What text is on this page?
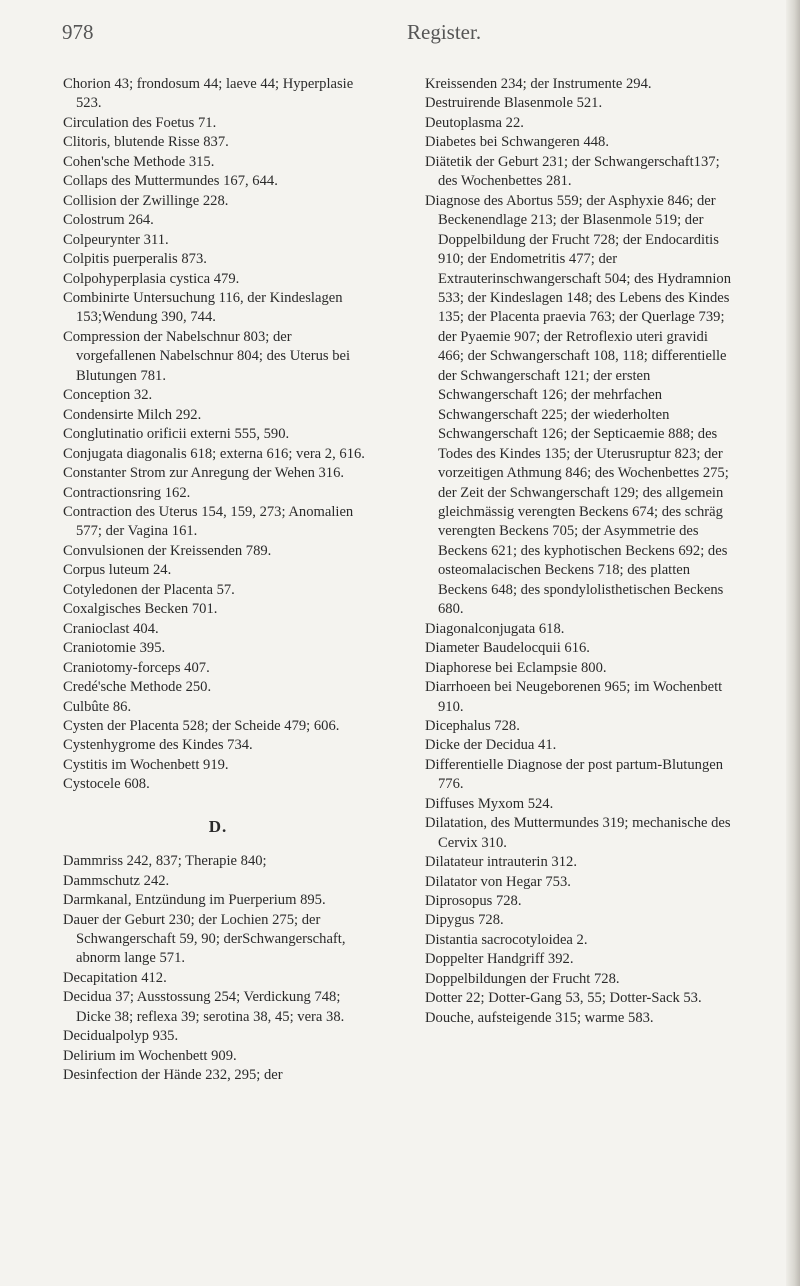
978	Register.

Chorion 43; frondosum 44; laeve 44; Hyperplasie 523.

Circulation des Foetus 71.

Clitoris, blutende Risse 837.

Cohen'sche Methode 315.

Collaps des Muttermundes 167, 644.

Collision der Zwillinge 228.

Colostrum 264.

Colpeurynter 311.

Colpitis puerperalis 873.

Colpohyperplasia cystica 479.

Combinirte Untersuchung 116, der Kindeslagen 153;Wendung 390, 744.

Compression der Nabelschnur 803; der vorgefallenen Nabelschnur 804; des Uterus bei Blutungen 781.

Conception 32.

Condensirte Milch 292.

Conglutinatio orificii externi 555, 590.

Conjugata diagonalis 618; externa 616; vera 2, 616.

Constanter Strom zur Anregung der Wehen 316.

Contractionsring 162.

Contraction des Uterus 154, 159, 273; Anomalien 577; der Vagina 161.

Convulsionen der Kreissenden 789.

Corpus luteum 24.

Cotyledonen der Placenta 57.

Coxalgisches Becken 701.

Cranioclast 404.

Craniotomie 395.

Craniotomy-forceps 407.

Credé'sche Methode 250.

Culbûte 86.

Cysten der Placenta 528; der Scheide 479; 606.

Cystenhygrome des Kindes 734.

Cystitis im Wochenbett 919.

Cystocele 608.

D.

Dammriss 242, 837; Therapie 840;

Dammschutz 242.

Darmkanal, Entzündung im Puerperium 895.

Dauer der Geburt 230; der Lochien 275; der Schwangerschaft 59, 90; derSchwangerschaft, abnorm lange 571.

Decapitation 412.

Decidua 37; Ausstossung 254; Verdickung 748; Dicke 38; reflexa 39; serotina 38, 45; vera 38.

Decidualpolyp 935.

Delirium im Wochenbett 909.

Desinfection der Hände 232, 295; der

Kreissenden 234; der Instrumente 294.

Destruirende Blasenmole 521.

Deutoplasma 22.

Diabetes bei Schwangeren 448.

Diätetik der Geburt 231; der Schwangerschaft137; des Wochenbettes 281.

Diagnose des Abortus 559; der Asphyxie 846; der Beckenendlage 213; der Blasenmole 519; der Doppelbildung der Frucht 728; der Endocarditis 910; der Endometritis 477; der Extrauterinschwangerschaft 504; des Hydramnion 533; der Kindeslagen 148; des Lebens des Kindes 135; der Placenta praevia 763; der Querlage 739; der Pyaemie 907; der Retroflexio uteri gravidi 466; der Schwangerschaft 108, 118; differentielle der Schwangerschaft 121; der ersten Schwangerschaft 126; der mehrfachen Schwangerschaft 225; der wiederholten Schwangerschaft 126; der Septicaemie 888; des Todes des Kindes 135; der Uterusruptur 823; der vorzeitigen Athmung 846; des Wochenbettes 275; der Zeit der Schwangerschaft 129; des allgemein gleichmässig verengten Beckens 674; des schräg verengten Beckens 705; der Asymmetrie des Beckens 621; des kyphotischen Beckens 692; des osteomalacischen Beckens 718; des platten Beckens 648; des spondylolisthetischen Beckens 680.

Diagonalconjugata 618.

Diameter Baudelocquii 616.

Diaphorese bei Eclampsie 800.

Diarrhoeen bei Neugeborenen 965; im Wochenbett 910.

Dicephalus 728.

Dicke der Decidua 41.

Differentielle Diagnose der post partum-Blutungen 776.

Diffuses Myxom 524.

Dilatation, des Muttermundes 319; mechanische des Cervix 310.

Dilatateur intrauterin 312.

Dilatator von Hegar 753.

Diprosopus 728.

Dipygus 728.

Distantia sacrocotyloidea 2.

Doppelter Handgriff 392.

Doppelbildungen der Frucht 728.

Dotter 22; Dotter-Gang 53, 55; Dotter-Sack 53.

Douche, aufsteigende 315; warme 583.
